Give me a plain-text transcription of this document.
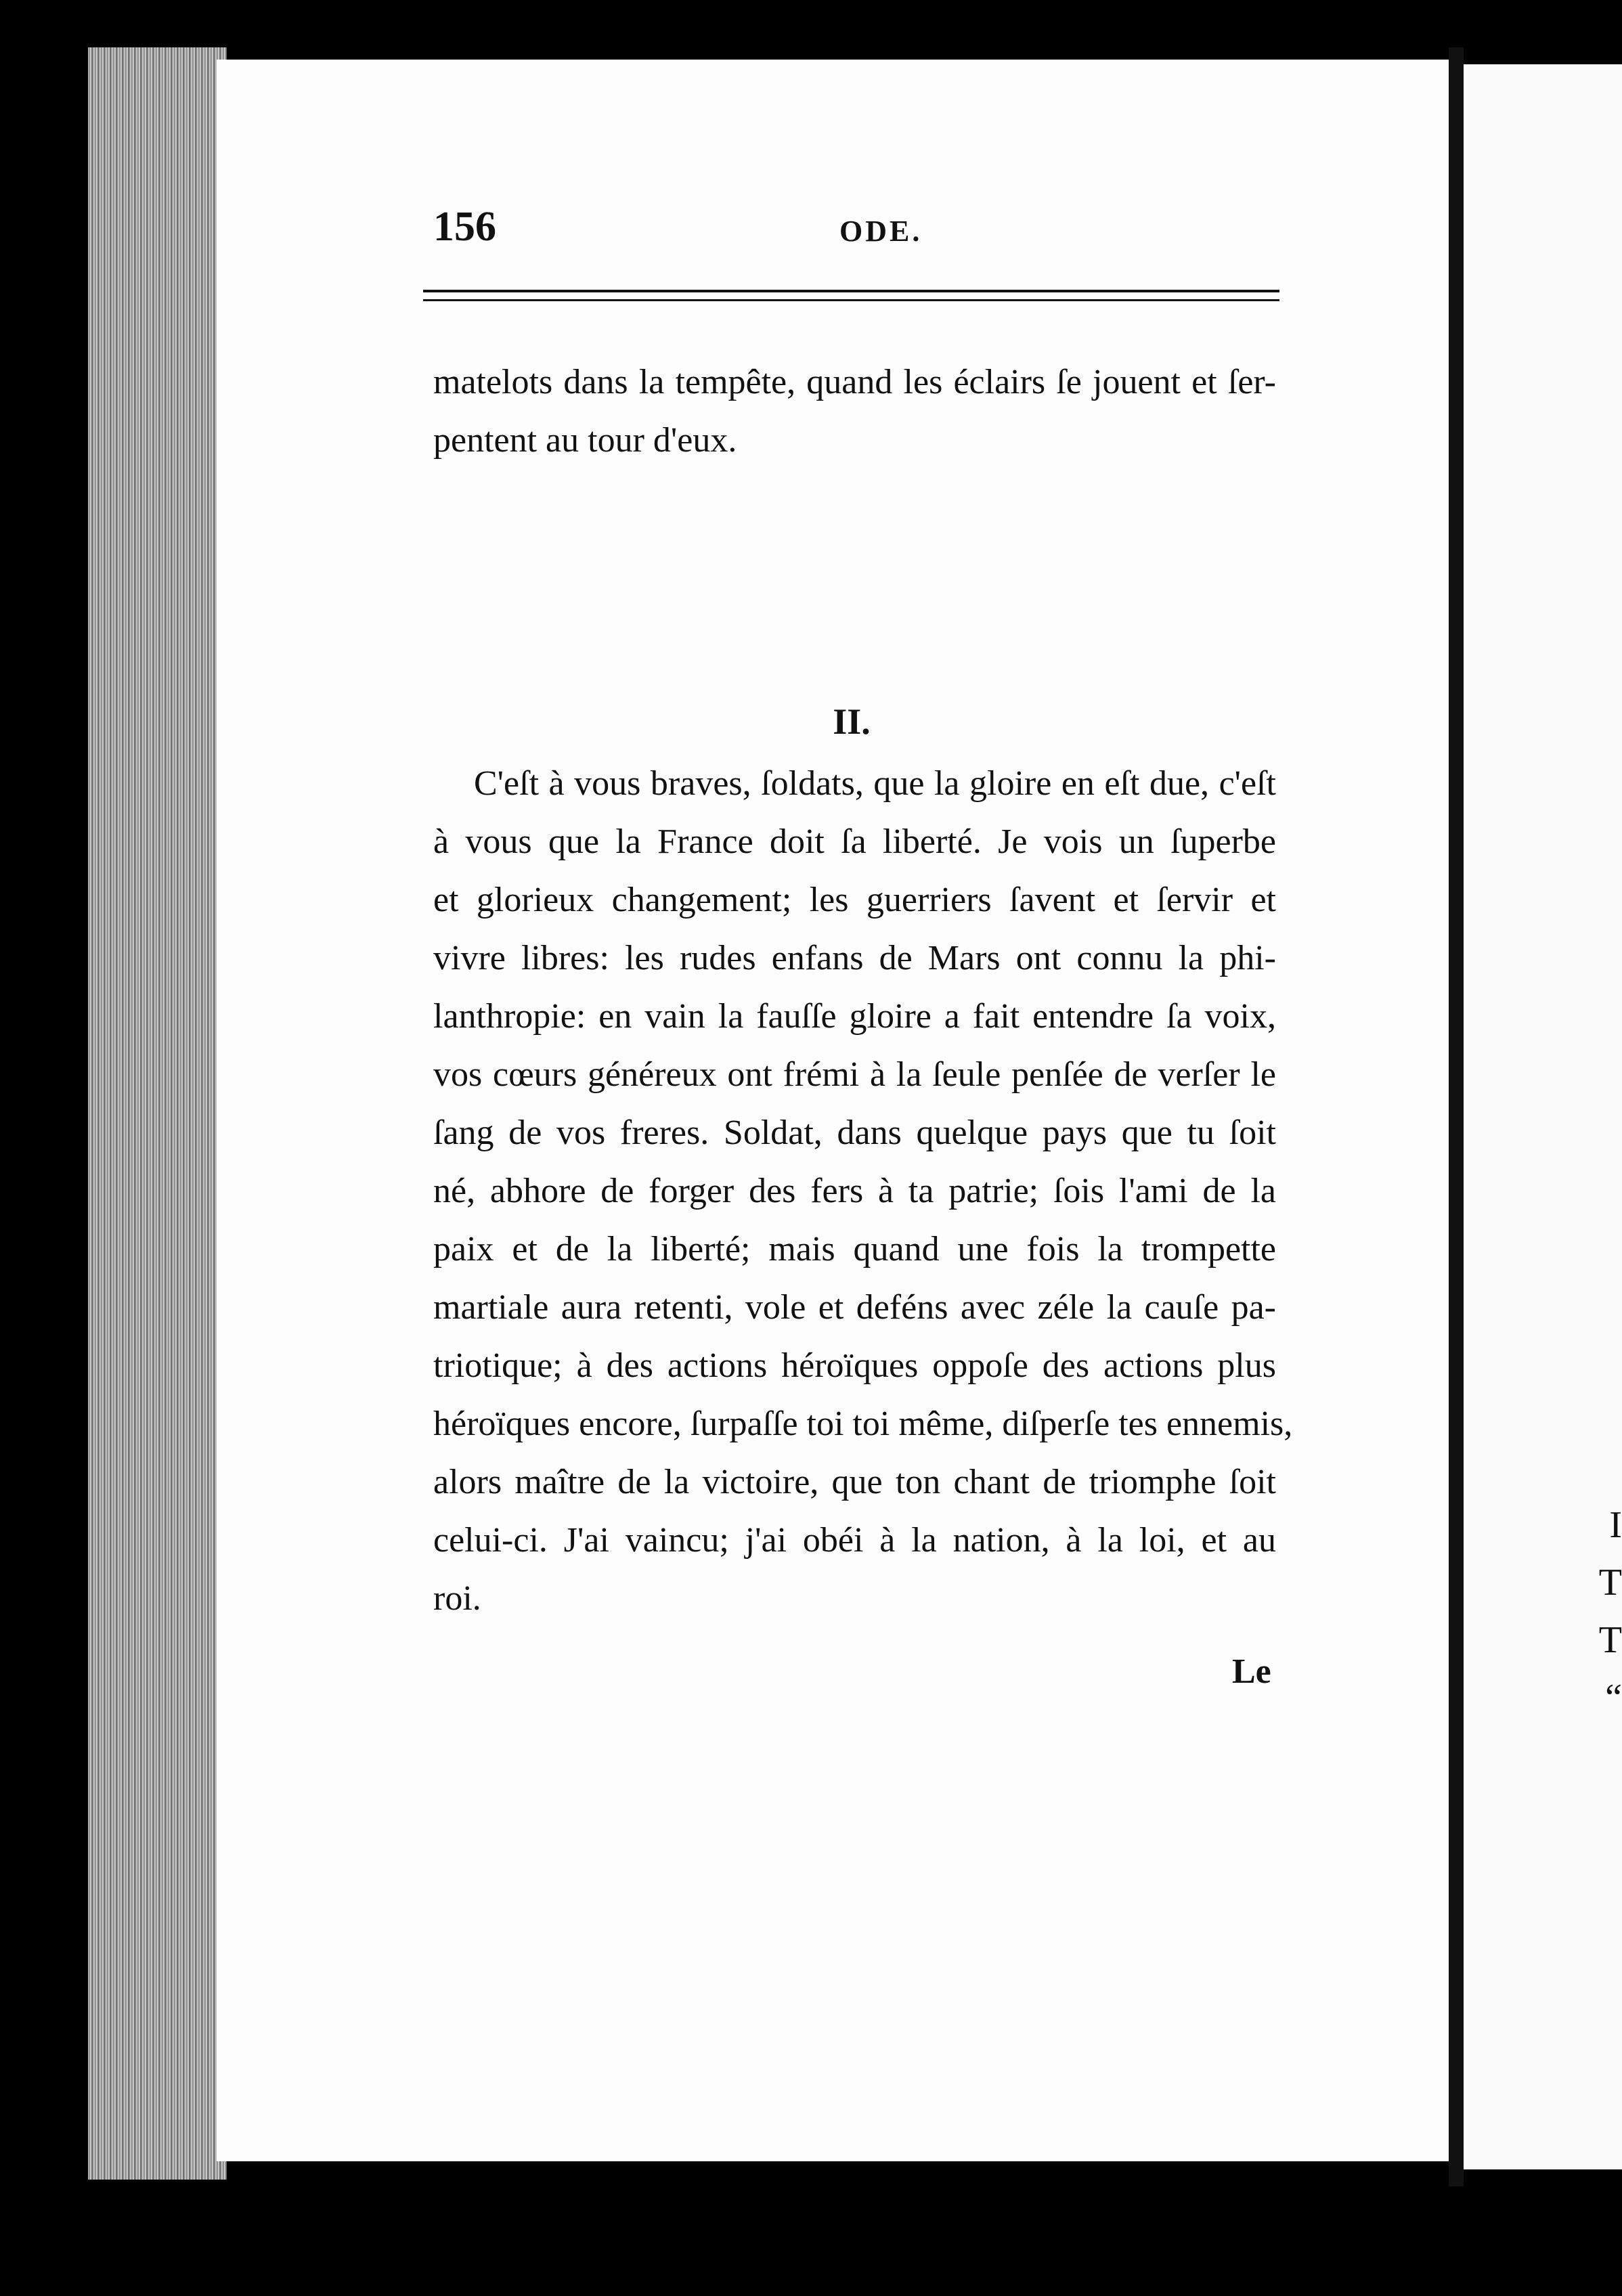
I
T
T
“
156	ODE.
matelots dans la tempête, quand les éclairs ſe jouent et ſer-
pentent au tour d'eux.
II.
C'eſt à vous braves, ſoldats, que la gloire en eſt due, c'eſt
à vous que la France doit ſa liberté. Je vois un ſuperbe
et glorieux changement; les guerriers ſavent et ſervir et
vivre libres: les rudes enfans de Mars ont connu la phi-
lanthropie: en vain la fauſſe gloire a fait entendre ſa voix,
vos cœurs généreux ont frémi à la ſeule penſée de verſer le
ſang de vos freres. Soldat, dans quelque pays que tu ſoit
né, abhore de forger des fers à ta patrie; ſois l'ami de la
paix et de la liberté; mais quand une fois la trompette
martiale aura retenti, vole et deféns avec zéle la cauſe pa-
triotique; à des actions héroïques oppoſe des actions plus
héroïques encore, ſurpaſſe toi toi même, diſperſe tes ennemis,
alors maître de la victoire, que ton chant de triomphe ſoit
celui-ci. J'ai vaincu; j'ai obéi à la nation, à la loi, et au
roi.
Le
